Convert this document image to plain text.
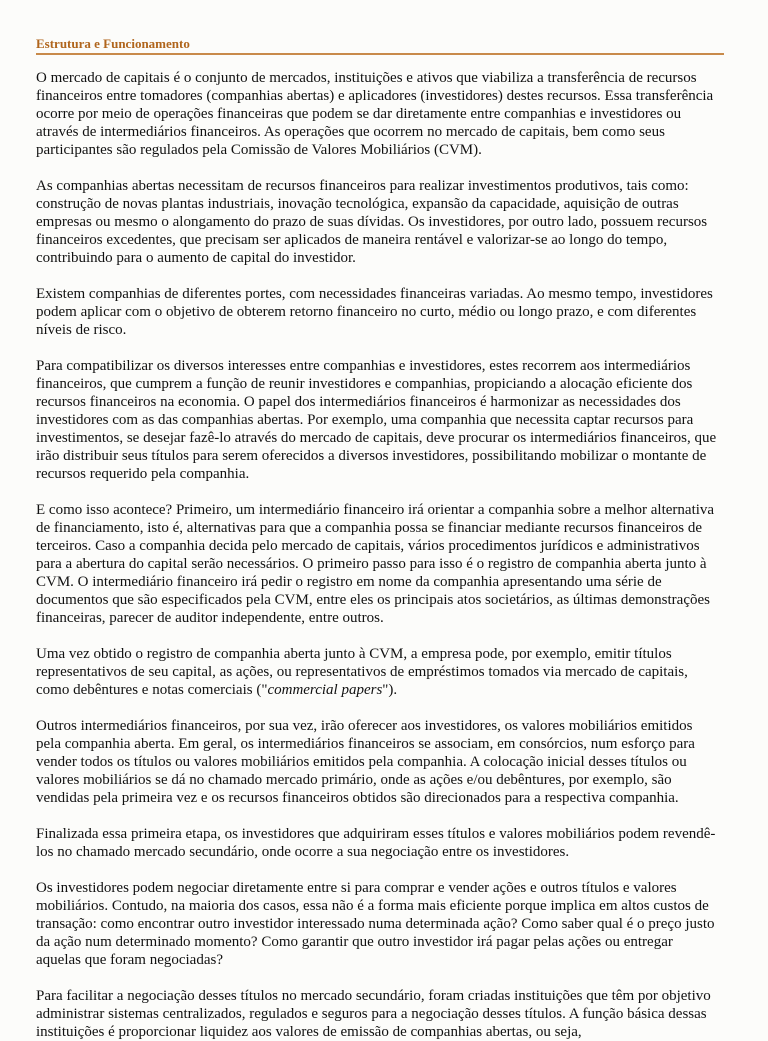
Estrutura e Funcionamento

O mercado de capitais é o conjunto de mercados, instituições e ativos que viabiliza a transferência de recursos financeiros entre tomadores (companhias abertas) e aplicadores (investidores) destes recursos. Essa transferência ocorre por meio de operações financeiras que podem se dar diretamente entre companhias e investidores ou através de intermediários financeiros. As operações que ocorrem no mercado de capitais, bem como seus participantes são regulados pela Comissão de Valores Mobiliários (CVM).

As companhias abertas necessitam de recursos financeiros para realizar investimentos produtivos, tais como: construção de novas plantas industriais, inovação tecnológica, expansão da capacidade, aquisição de outras empresas ou mesmo o alongamento do prazo de suas dívidas. Os investidores, por outro lado, possuem recursos financeiros excedentes, que precisam ser aplicados de maneira rentável e valorizar-se ao longo do tempo, contribuindo para o aumento de capital do investidor.

Existem companhias de diferentes portes, com necessidades financeiras variadas. Ao mesmo tempo, investidores podem aplicar com o objetivo de obterem retorno financeiro no curto, médio ou longo prazo, e com diferentes níveis de risco.

Para compatibilizar os diversos interesses entre companhias e investidores, estes recorrem aos intermediários financeiros, que cumprem a função de reunir investidores e companhias, propiciando a alocação eficiente dos recursos financeiros na economia. O papel dos intermediários financeiros é harmonizar as necessidades dos investidores com as das companhias abertas. Por exemplo, uma companhia que necessita captar recursos para investimentos, se desejar fazê-lo através do mercado de capitais, deve procurar os intermediários financeiros, que irão distribuir seus títulos para serem oferecidos a diversos investidores, possibilitando mobilizar o montante de recursos requerido pela companhia.

E como isso acontece? Primeiro, um intermediário financeiro irá orientar a companhia sobre a melhor alternativa de financiamento, isto é, alternativas para que a companhia possa se financiar mediante recursos financeiros de terceiros. Caso a companhia decida pelo mercado de capitais, vários procedimentos jurídicos e administrativos para a abertura do capital serão necessários. O primeiro passo para isso é o registro de companhia aberta junto à CVM. O intermediário financeiro irá pedir o registro em nome da companhia apresentando uma série de documentos que são especificados pela CVM, entre eles os principais atos societários, as últimas demonstrações financeiras, parecer de auditor independente, entre outros.

Uma vez obtido o registro de companhia aberta junto à CVM, a empresa pode, por exemplo, emitir títulos representativos de seu capital, as ações, ou representativos de empréstimos tomados via mercado de capitais, como debêntures e notas comerciais ("commercial papers").

Outros intermediários financeiros, por sua vez, irão oferecer aos investidores, os valores mobiliários emitidos pela companhia aberta. Em geral, os intermediários financeiros se associam, em consórcios, num esforço para vender todos os títulos ou valores mobiliários emitidos pela companhia. A colocação inicial desses títulos ou valores mobiliários se dá no chamado mercado primário, onde as ações e/ou debêntures, por exemplo, são vendidas pela primeira vez e os recursos financeiros obtidos são direcionados para a respectiva companhia.

Finalizada essa primeira etapa, os investidores que adquiriram esses títulos e valores mobiliários podem revendê-los no chamado mercado secundário, onde ocorre a sua negociação entre os investidores.

Os investidores podem negociar diretamente entre si para comprar e vender ações e outros títulos e valores mobiliários. Contudo, na maioria dos casos, essa não é a forma mais eficiente porque implica em altos custos de transação: como encontrar outro investidor interessado numa determinada ação? Como saber qual é o preço justo da ação num determinado momento? Como garantir que outro investidor irá pagar pelas ações ou entregar aquelas que foram negociadas?

Para facilitar a negociação desses títulos no mercado secundário, foram criadas instituições que têm por objetivo administrar sistemas centralizados, regulados e seguros para a negociação desses títulos. A função básica dessas instituições é proporcionar liquidez aos valores de emissão de companhias abertas, ou seja,
